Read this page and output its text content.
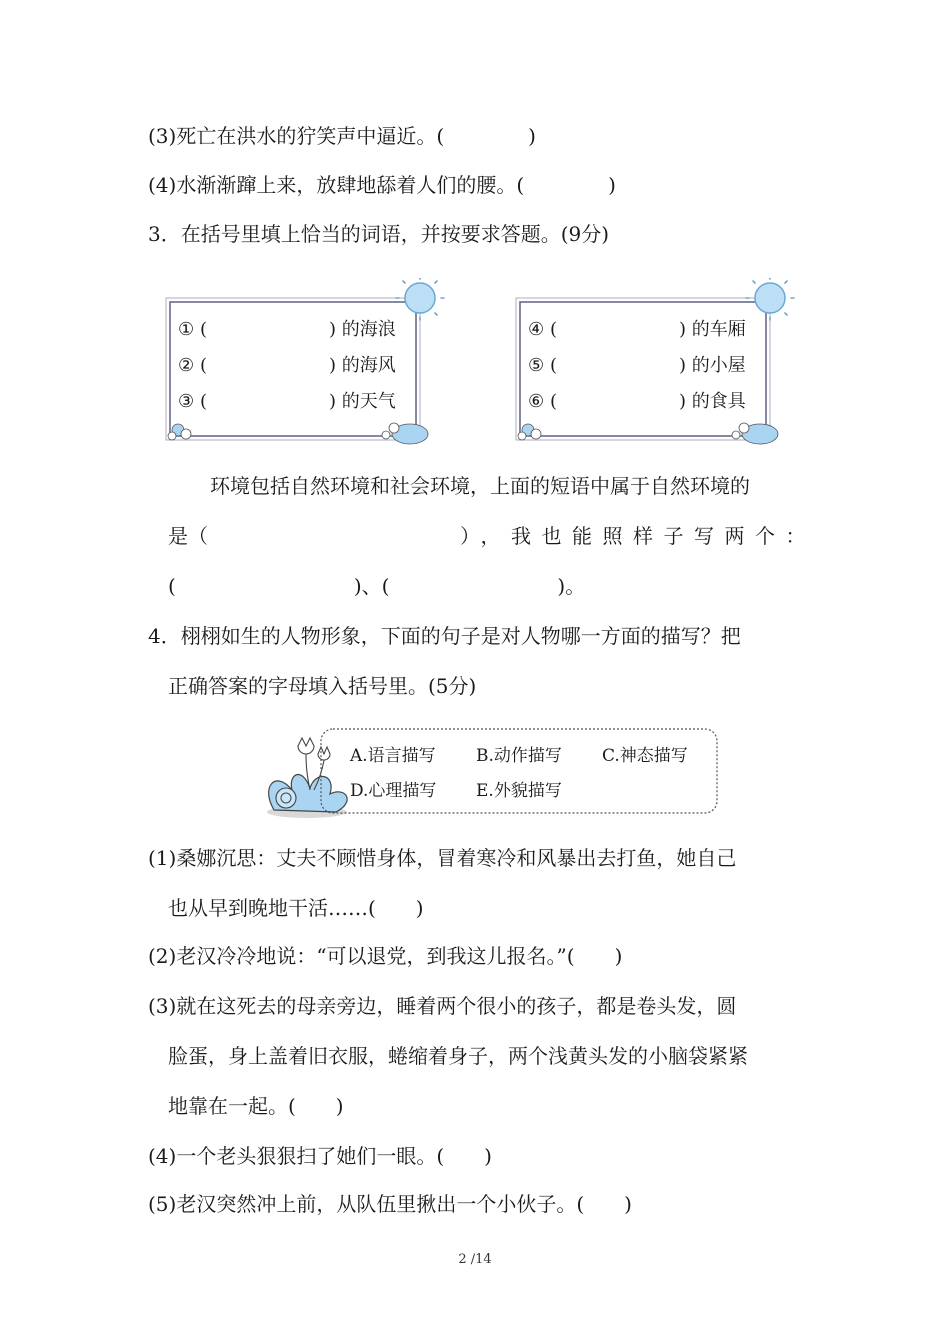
(3)死亡在洪水的狞笑声中逼近。(	)
(4)水渐渐蹿上来，放肆地舔着人们的腰。(	)
3．在括号里填上恰当的词语，并按要求答题。(9分)
① (	) 的海浪
② (	) 的海风
③ (	) 的天气
④ (	) 的车厢
⑤ (	) 的小屋
⑥ (	) 的食具
环境包括自然环境和社会环境，上面的短语中属于自然环境的
是（	），我也能照样子写两个：
(	)、(	)。
4．栩栩如生的人物形象，下面的句子是对人物哪一方面的描写？把
正确答案的字母填入括号里。(5分)
A.语言描写 B.动作描写 C.神态描写
D.心理描写 E.外貌描写
(1)桑娜沉思：丈夫不顾惜身体，冒着寒冷和风暴出去打鱼，她自己
也从早到晚地干活……(　　)
(2)老汉冷冷地说：“可以退党，到我这儿报名。”(　　)
(3)就在这死去的母亲旁边，睡着两个很小的孩子，都是卷头发，圆
脸蛋，身上盖着旧衣服，蜷缩着身子，两个浅黄头发的小脑袋紧紧
地靠在一起。(　　)
(4)一个老头狠狠扫了她们一眼。(　　)
(5)老汉突然冲上前，从队伍里揪出一个小伙子。(　　)
2 /14
